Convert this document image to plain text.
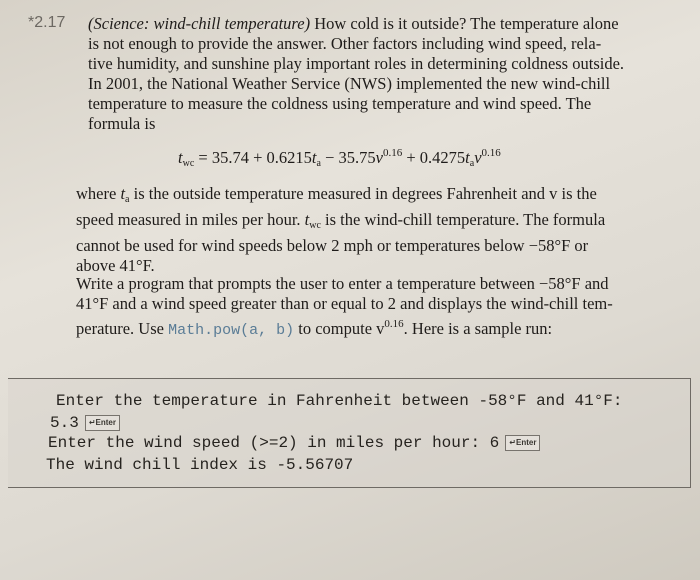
*2.17 (Science: wind-chill temperature) How cold is it outside? The temperature alone
is not enough to provide the answer. Other factors including wind speed, rela-
tive humidity, and sunshine play important roles in determining coldness outside.
In 2001, the National Weather Service (NWS) implemented the new wind-chill
temperature to measure the coldness using temperature and wind speed. The
formula is
$t_{wc} = 35.74 + 0.6215t_a - 35.75v^{0.16} + 0.4275t_av^{0.16}$
where $t_a$ is the outside temperature measured in degrees Fahrenheit and v is the
speed measured in miles per hour. $t_{wc}$ is the wind-chill temperature. The formula
cannot be used for wind speeds below 2 mph or temperatures below −58°F or
above 41°F.
Write a program that prompts the user to enter a temperature between −58°F and
41°F and a wind speed greater than or equal to 2 and displays the wind-chill tem-
perature. Use Math.pow(a, b) to compute $v^{0.16}$. Here is a sample run:
Enter the temperature in Fahrenheit between -58°F and 41°F:
5.3 ↵Enter
Enter the wind speed (>=2) in miles per hour: 6 ↵Enter
The wind chill index is -5.56707
